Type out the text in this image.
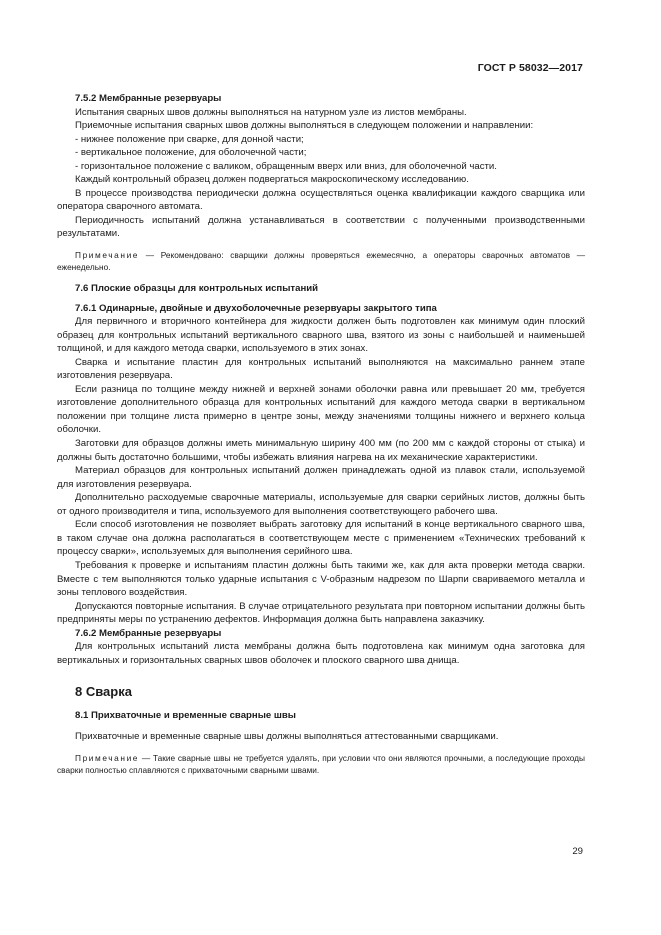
ГОСТ Р 58032—2017

7.5.2 Мембранные резервуары

Испытания сварных швов должны выполняться на натурном узле из листов мембраны.

Приемочные испытания сварных швов должны выполняться в следующем положении и направлении:

- нижнее положение при сварке, для донной части;

- вертикальное положение, для оболочечной части;

- горизонтальное положение с валиком, обращенным вверх или вниз, для оболочечной части.

Каждый контрольный образец должен подвергаться макроскопическому исследованию.

В процессе производства периодически должна осуществляться оценка квалификации каждого сварщика или оператора сварочного автомата.

Периодичность испытаний должна устанавливаться в соответствии с полученными производственными результатами.

Примечание — Рекомендовано: сварщики должны проверяться ежемесячно, а операторы сварочных автоматов — еженедельно.

7.6 Плоские образцы для контрольных испытаний

7.6.1 Одинарные, двойные и двухоболочечные резервуары закрытого типа

Для первичного и вторичного контейнера для жидкости должен быть подготовлен как минимум один плоский образец для контрольных испытаний вертикального сварного шва, взятого из зоны с наибольшей и наименьшей толщиной, и для каждого метода сварки, используемого в этих зонах.

Сварка и испытание пластин для контрольных испытаний выполняются на максимально раннем этапе изготовления резервуара.

Если разница по толщине между нижней и верхней зонами оболочки равна или превышает 20 мм, требуется изготовление дополнительного образца для контрольных испытаний для каждого метода сварки в вертикальном положении при толщине листа примерно в центре зоны, между значениями толщины нижнего и верхнего кольца оболочки.

Заготовки для образцов должны иметь минимальную ширину 400 мм (по 200 мм с каждой стороны от стыка) и должны быть достаточно большими, чтобы избежать влияния нагрева на их механические характеристики.

Материал образцов для контрольных испытаний должен принадлежать одной из плавок стали, используемой для изготовления резервуара.

Дополнительно расходуемые сварочные материалы, используемые для сварки серийных листов, должны быть от одного производителя и типа, используемого для выполнения соответствующего рабочего шва.

Если способ изготовления не позволяет выбрать заготовку для испытаний в конце вертикального сварного шва, в таком случае она должна располагаться в соответствующем месте с применением «Технических требований к процессу сварки», используемых для выполнения серийного шва.

Требования к проверке и испытаниям пластин должны быть такими же, как для акта проверки метода сварки. Вместе с тем выполняются только ударные испытания с V-образным надрезом по Шарпи свариваемого металла и зоны теплового воздействия.

Допускаются повторные испытания. В случае отрицательного результата при повторном испытании должны быть предприняты меры по устранению дефектов. Информация должна быть направлена заказчику.

7.6.2 Мембранные резервуары

Для контрольных испытаний листа мембраны должна быть подготовлена как минимум одна заготовка для вертикальных и горизонтальных сварных швов оболочек и плоского сварного шва днища.

8 Сварка

8.1 Прихваточные и временные сварные швы

Прихваточные и временные сварные швы должны выполняться аттестованными сварщиками.

Примечание — Такие сварные швы не требуется удалять, при условии что они являются прочными, а последующие проходы сварки полностью сплавляются с прихваточными сварными швами.

29
